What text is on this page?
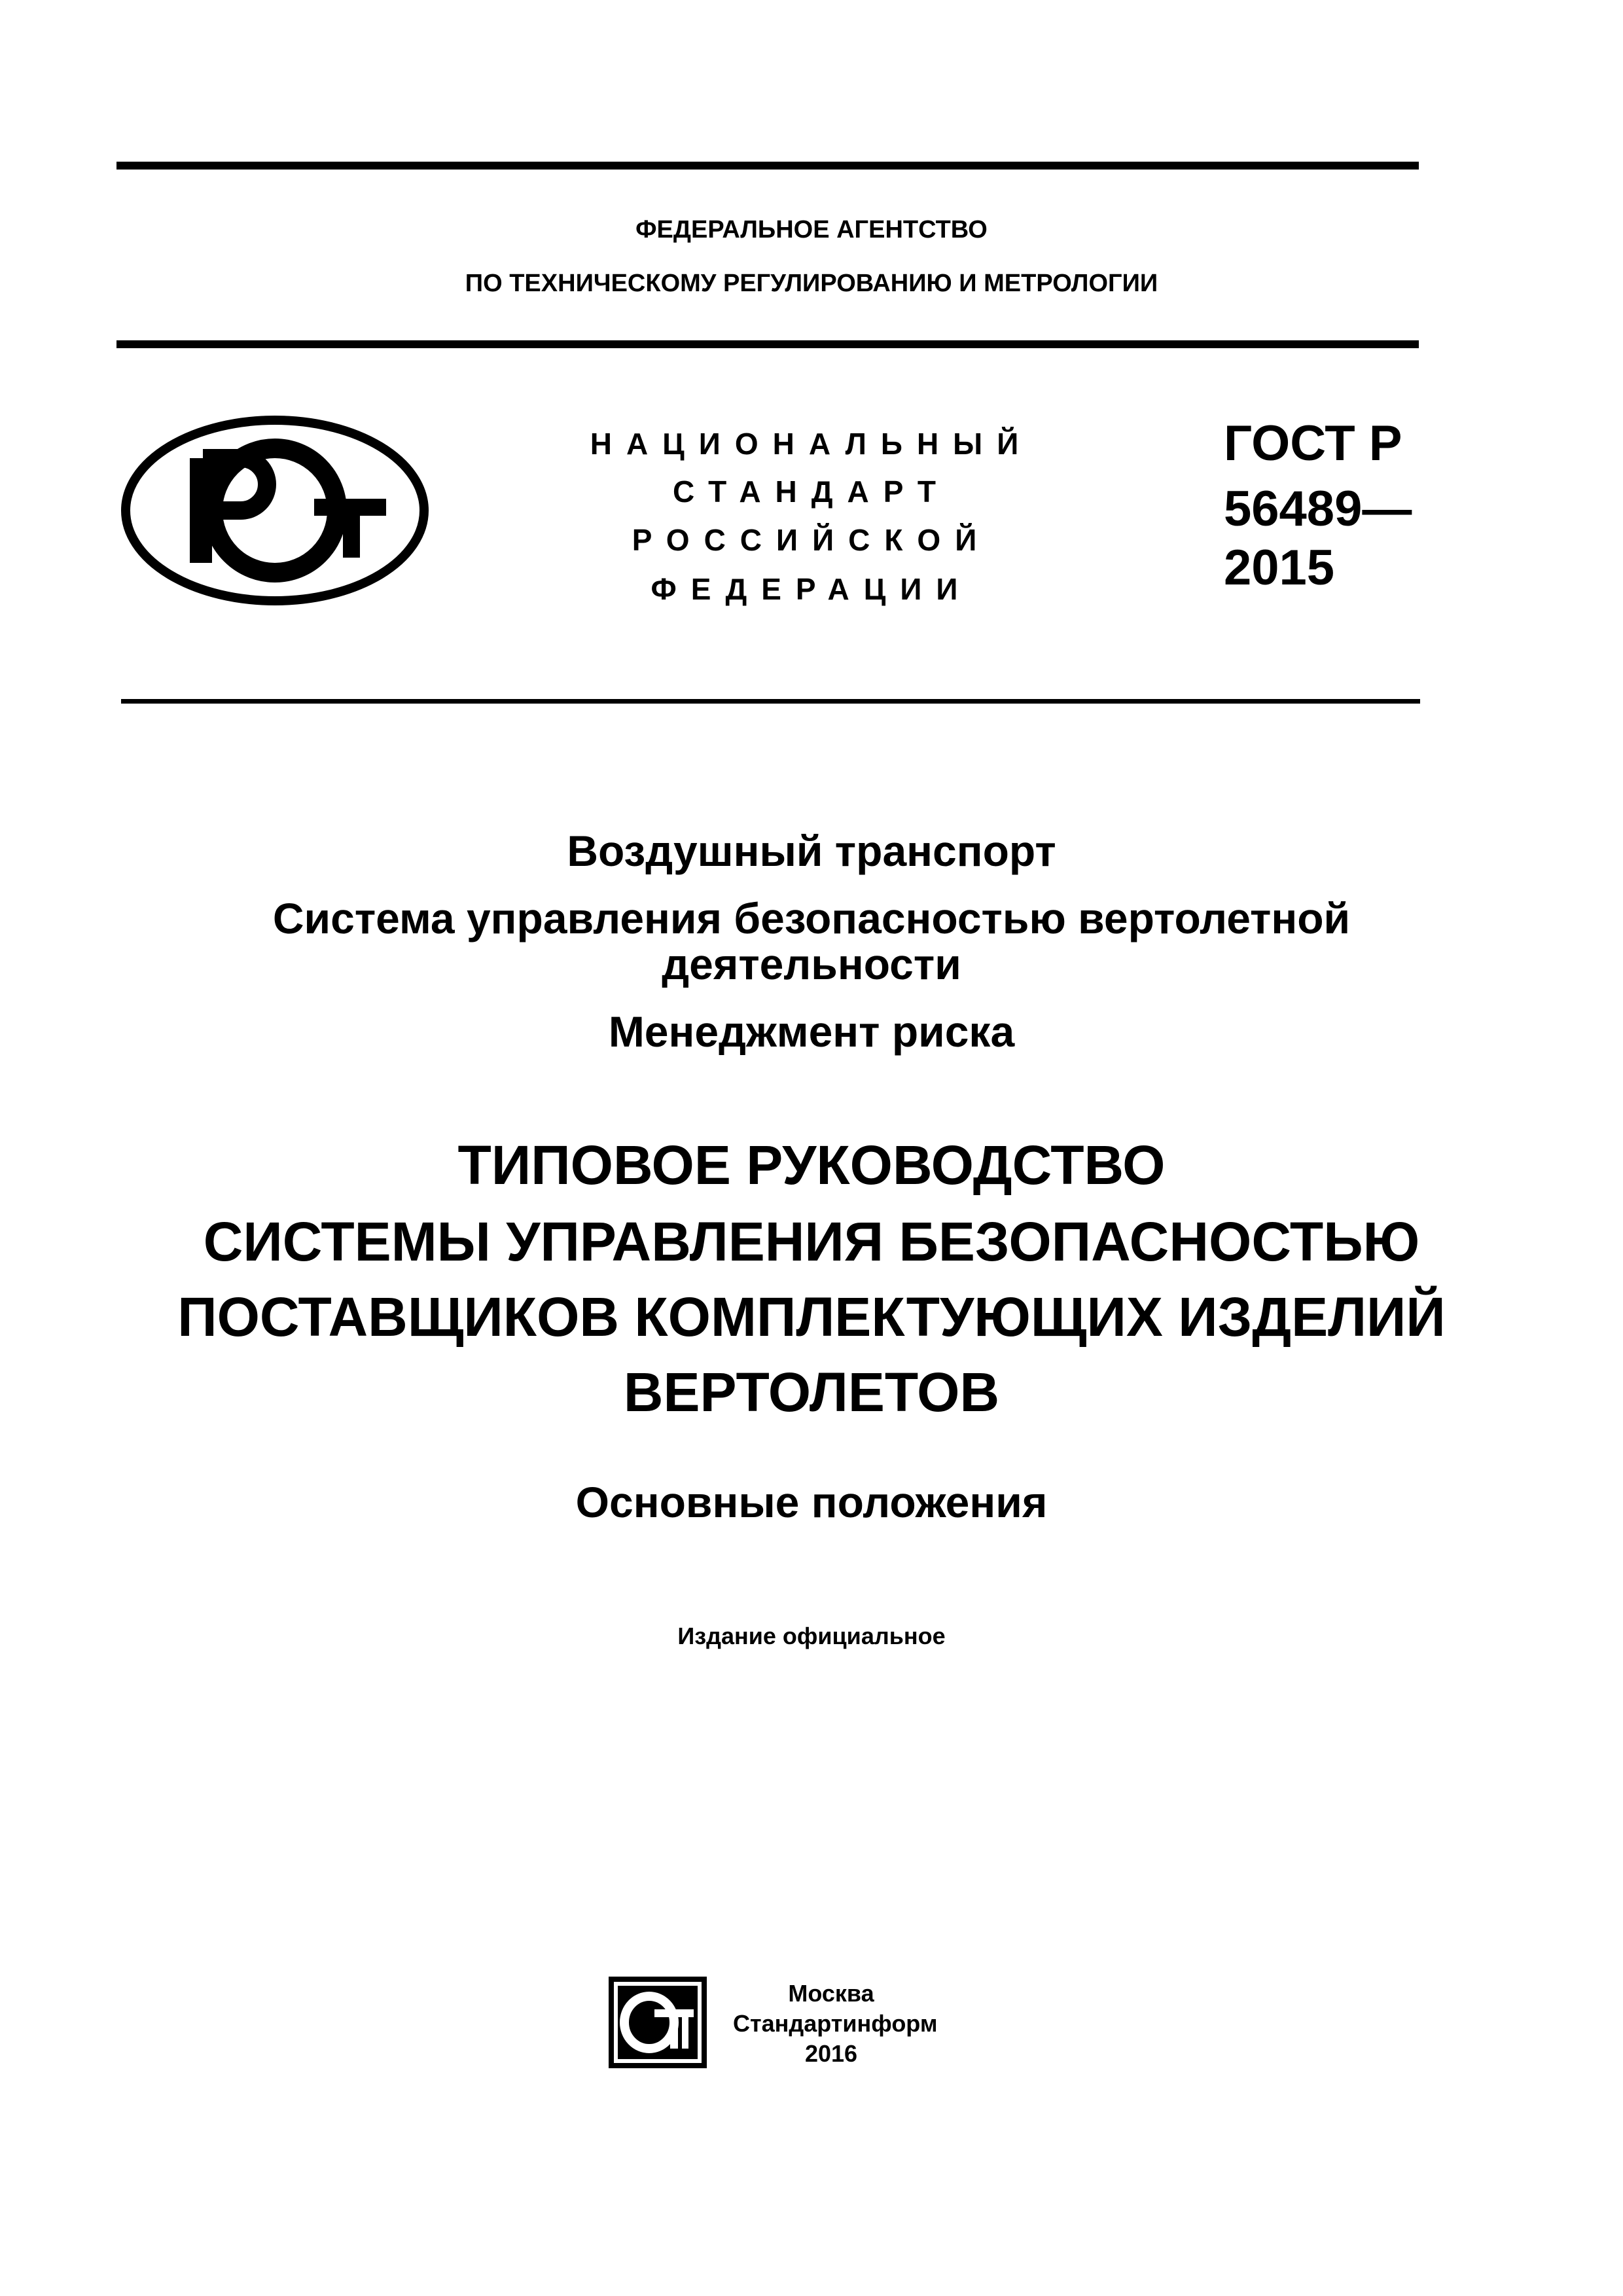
ФЕДЕРАЛЬНОЕ АГЕНТСТВО
ПО ТЕХНИЧЕСКОМУ РЕГУЛИРОВАНИЮ И МЕТРОЛОГИИ
НАЦИОНАЛЬНЫЙ
СТАНДАРТ
РОССИЙСКОЙ
ФЕДЕРАЦИИ
ГОСТ Р
56489—
2015
Воздушный транспорт
Система управления безопасностью вертолетной
деятельности
Менеджмент риска
ТИПОВОЕ РУКОВОДСТВО
СИСТЕМЫ УПРАВЛЕНИЯ БЕЗОПАСНОСТЬЮ
ПОСТАВЩИКОВ КОМПЛЕКТУЮЩИХ ИЗДЕЛИЙ
ВЕРТОЛЕТОВ
Основные положения
Издание официальное
Москва
Стандартинформ
2016
